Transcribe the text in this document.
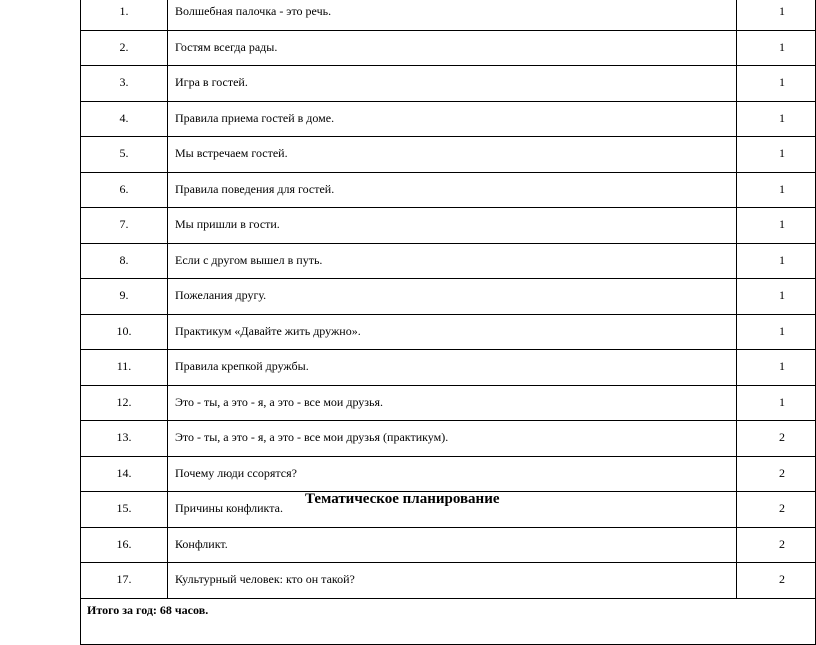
1.	Волшебная палочка - это речь.	1
2.	Гостям всегда рады.	1
3.	Игра в гостей.	1
4.	Правила приема гостей в доме.	1
5.	Мы встречаем гостей.	1
6.	Правила поведения для гостей.	1
7.	Мы пришли в гости.	1
8.	Если с другом вышел в путь.	1
9.	Пожелания другу.	1
10.	Практикум «Давайте жить дружно».	1
11.	Правила крепкой дружбы.	1
12.	Это - ты, а это - я, а это - все мои друзья.	1
13.	Это - ты, а это - я, а это - все мои друзья (практикум).	2
14.	Почему люди ссорятся?	2
15.	Причины конфликта.	2
16.	Конфликт.	2
17.	Культурный человек: кто он такой?	2
Итого за год: 68 часов.		
Тематическое планирование
